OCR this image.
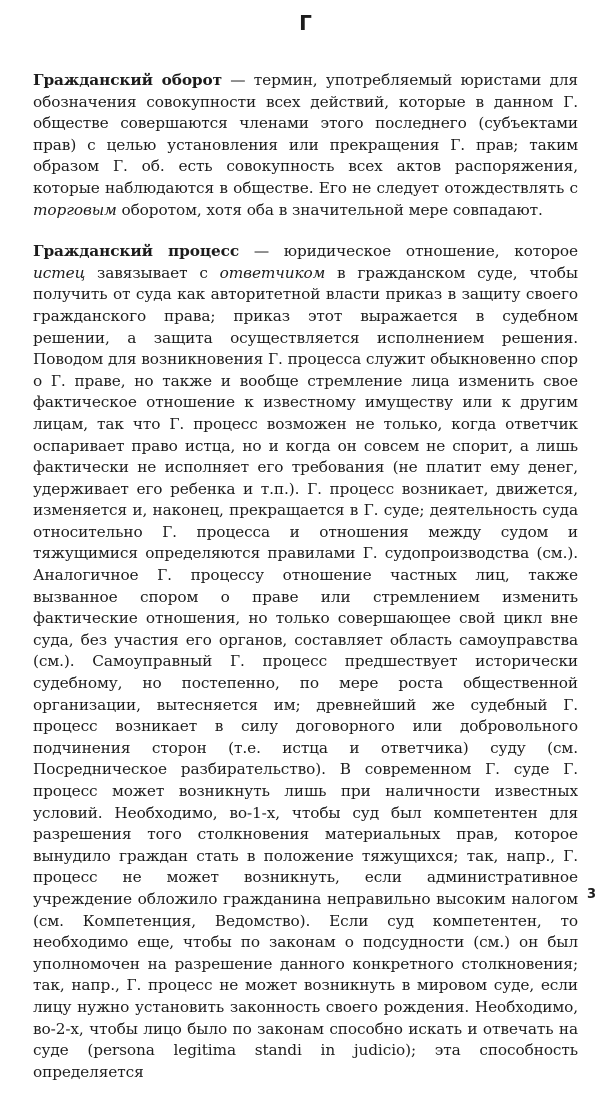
Г

Гражданский оборот — термин, употребляемый юристами для обозначения совокупности всех действий, которые в данном Г. обществе совершаются членами этого последнего (субъектами прав) с целью установления или прекращения Г. прав; таким образом Г. об. есть совокупность всех актов распоряжения, которые наблюдаются в обществе. Его не следует отождествлять с торговым оборотом, хотя оба в значительной мере совпадают.

Гражданский процесс — юридическое отношение, которое истец завязывает с ответчиком в гражданском суде, чтобы получить от суда как авторитетной власти приказ в защиту своего гражданского права; приказ этот выражается в судебном решении, а защита осуществляется исполнением решения. Поводом для возникновения Г. процесса служит обыкновенно спор о Г. праве, но также и вообще стремление лица изменить свое фактическое отношение к известному имуществу или к другим лицам, так что Г. процесс возможен не только, когда ответчик оспаривает право истца, но и когда он совсем не спорит, а лишь фактически не исполняет его требования (не платит ему денег, удерживает его ребенка и т.п.). Г. процесс возникает, движется, изменяется и, наконец, прекращается в Г. суде; деятельность суда относительно Г. процесса и отношения между судом и тяжущимися определяются правилами Г. судопроизводства (см.). Аналогичное Г. процессу отношение частных лиц, также вызванное спором о праве или стремлением изменить фактические отношения, но только совершающее свой цикл вне суда, без участия его органов, составляет область самоуправства (см.). Самоуправный Г. процесс предшествует исторически судебному, но постепенно, по мере роста общественной организации, вытесняется им; древнейший же судебный Г. процесс возникает в силу договорного или добровольного подчинения сторон (т.е. истца и ответчика) суду (см. Посредническое разбирательство). В современном Г. суде Г. процесс может возникнуть лишь при наличности известных условий. Необходимо, во-1-х, чтобы суд был компетентен для разрешения того столкновения материальных прав, которое вынудило граждан стать в положение тяжущихся; так, напр., Г. процесс не может возникнуть, если административное учреждение обложило гражданина неправильно высоким налогом (см. Компетенция, Ведомство). Если суд компетентен, то необходимо еще, чтобы по законам о подсудности (см.) он был уполномочен на разрешение данного конкретного столкновения; так, напр., Г. процесс не может возникнуть в мировом суде, если лицу нужно установить законность своего рождения. Необходимо, во-2-х, чтобы лицо было по законам способно искать и отвечать на суде (persona legitima standi in judicio); эта способность определяется

3
